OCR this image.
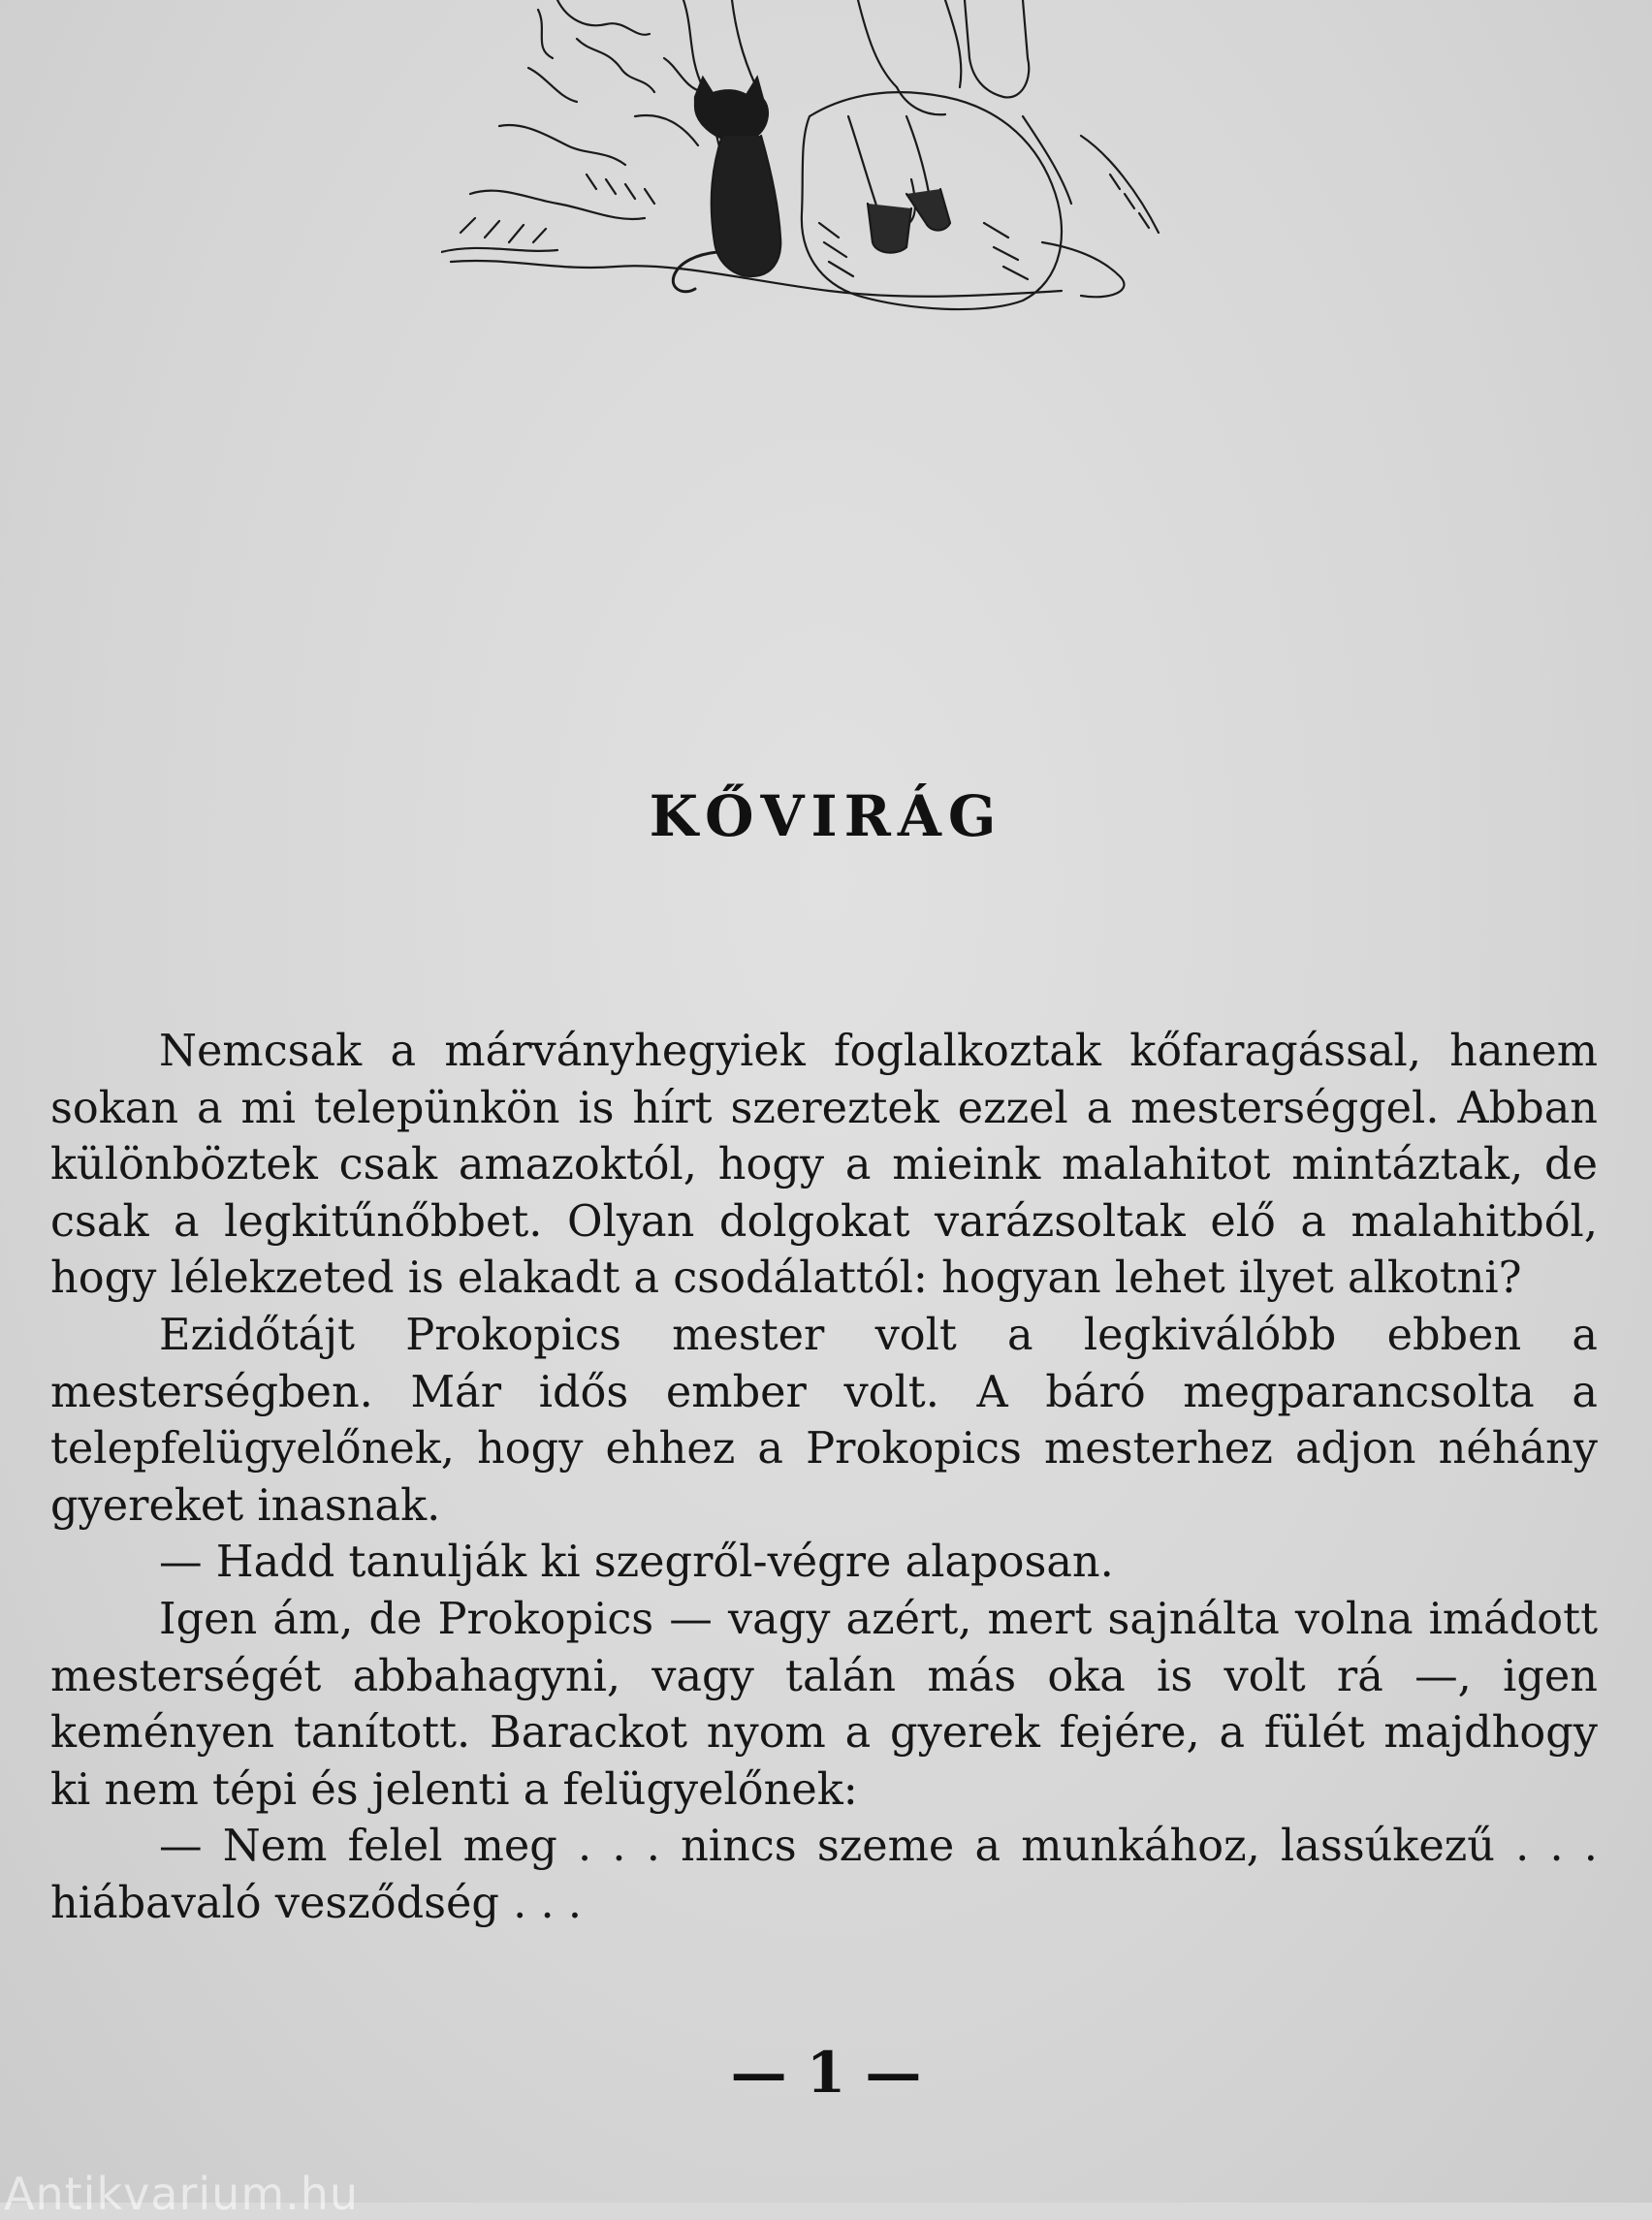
KŐVIRÁG

Nemcsak a márványhegyiek foglalkoztak kőfaragással, hanem sokan a mi telepünkön is hírt szereztek ezzel a mesterséggel. Abban különböztek csak amazoktól, hogy a mieink malahitot mintáztak, de csak a legkitűnőbbet. Olyan dolgokat varázsoltak elő a malahitból, hogy lélekzeted is elakadt a csodálattól: hogyan lehet ilyet alkotni?

Ezidőtájt Prokopics mester volt a legkiválóbb ebben a mesterségben. Már idős ember volt. A báró megparancsolta a telepfelügyelőnek, hogy ehhez a Prokopics mesterhez adjon néhány gyereket inasnak.

— Hadd tanulják ki szegről-végre alaposan.

Igen ám, de Prokopics — vagy azért, mert sajnálta volna imádott mesterségét abbahagyni, vagy talán más oka is volt rá —, igen keményen tanított. Barackot nyom a gyerek fejére, a fülét majdhogy ki nem tépi és jelenti a felügyelőnek:

— Nem felel meg . . . nincs szeme a munkához, lassúkezű . . . hiábavaló vesződség . . .

— 1 —
Antikvarium.hu
